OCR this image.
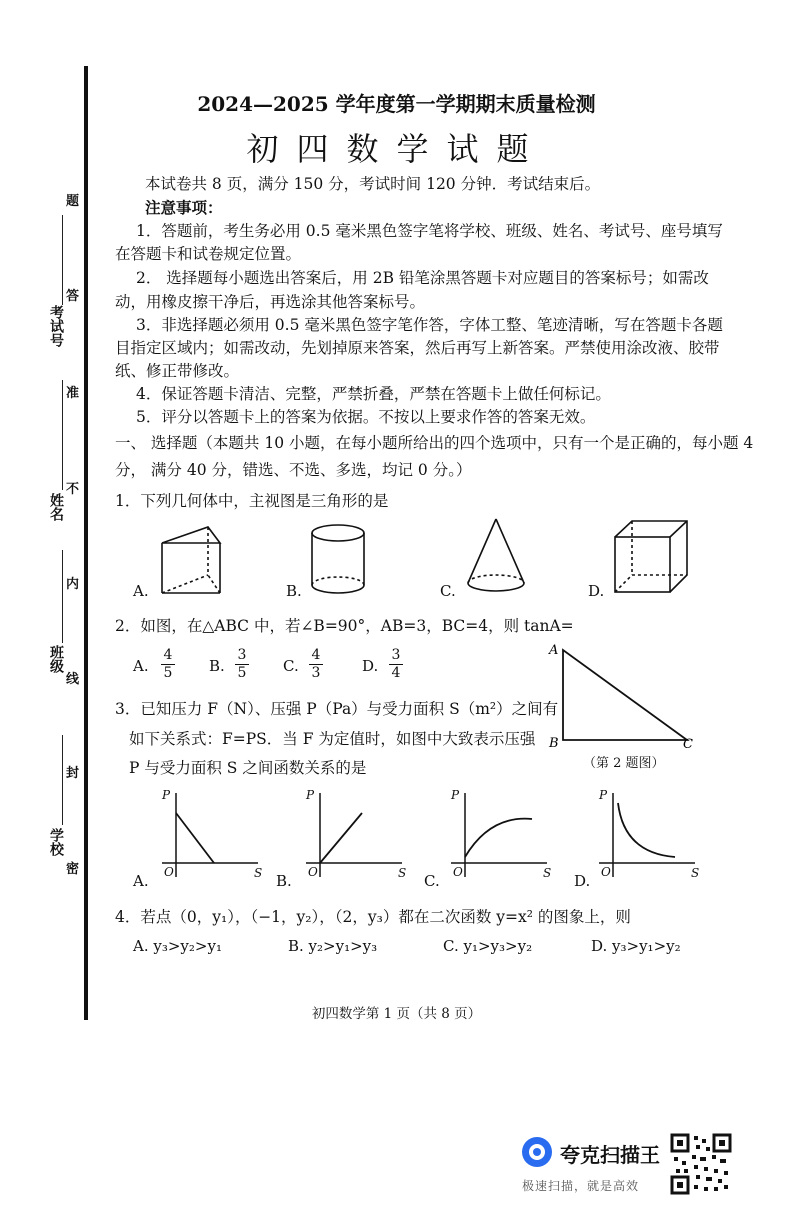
考试号
姓名
班级
学校
题
答
准
不
内
线
封
密
2024—2025 学年度第一学期期末质量检测
初四数学试题
本试卷共 8 页，满分 150 分，考试时间 120 分钟．考试结束后。
注意事项：
1．答题前，考生务必用 0.5 毫米黑色签字笔将学校、班级、姓名、考试号、座号填写
在答题卡和试卷规定位置。
2． 选择题每小题选出答案后，用 2B 铅笔涂黑答题卡对应题目的答案标号；如需改
动，用橡皮擦干净后，再选涂其他答案标号。
3．非选择题必须用 0.5 毫米黑色签字笔作答，字体工整、笔迹清晰，写在答题卡各题
目指定区域内；如需改动，先划掉原来答案，然后再写上新答案。严禁使用涂改液、胶带
纸、修正带修改。
4．保证答题卡清洁、完整，严禁折叠，严禁在答题卡上做任何标记。
5．评分以答题卡上的答案为依据。不按以上要求作答的答案无效。
一、 选择题（本题共 10 小题，在每小题所给出的四个选项中，只有一个是正确的，每小题 4
分， 满分 40 分，错选、不选、多选，均记 0 分。）
1．下列几何体中，主视图是三角形的是
A.	B.	C.	D.
2．如图，在△ABC 中，若∠B=90°，AB=3，BC=4，则 tanA=
A. $\frac{4}{5} B$. $\frac{3}{5} C$. $\frac{4}{3}$	D. $\frac{3}{4}$	A
B	C
（第 2 题图）
3．已知压力 F（N）、压强 P（Pa）与受力面积 S（m²）之间有
如下关系式：F=PS．当 F 为定值时，如图中大致表示压强
P 与受力面积 S 之间函数关系的是
P
S
O
P
S
O
P
S
O
P
S
O
A.	B.	C.	D.
4．若点（0，y₁），（−1，y₂），（2，y₃）都在二次函数 y=x² 的图象上，则
A. y₃>y₂>y₁	B. y₂>y₁>y₃	C. y₁>y₃>y₂	D. y₃>y₁>y₂
初四数学第 1 页（共 8 页）
夸克扫描王
极速扫描，就是高效
